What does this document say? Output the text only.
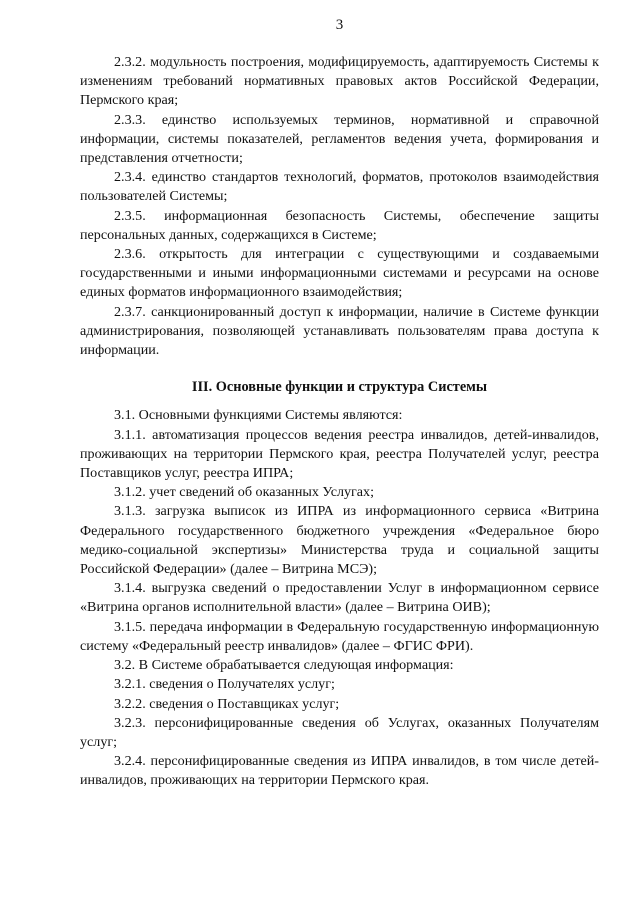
3

2.3.2. модульность построения, модифицируемость, адаптируемость Системы к изменениям требований нормативных правовых актов Российской Федерации, Пермского края;

2.3.3. единство используемых терминов, нормативной и справочной информации, системы показателей, регламентов ведения учета, формирования и представления отчетности;

2.3.4. единство стандартов технологий, форматов, протоколов взаимодействия пользователей Системы;

2.3.5. информационная безопасность Системы, обеспечение защиты персональных данных, содержащихся в Системе;

2.3.6. открытость для интеграции с существующими и создаваемыми государственными и иными информационными системами и ресурсами на основе единых форматов информационного взаимодействия;

2.3.7. санкционированный доступ к информации, наличие в Системе функции администрирования, позволяющей устанавливать пользователям права доступа к информации.

III. Основные функции и структура Системы

3.1. Основными функциями Системы являются:

3.1.1. автоматизация процессов ведения реестра инвалидов, детей-инвалидов, проживающих на территории Пермского края, реестра Получателей услуг, реестра Поставщиков услуг, реестра ИПРА;

3.1.2. учет сведений об оказанных Услугах;

3.1.3. загрузка выписок из ИПРА из информационного сервиса «Витрина Федерального государственного бюджетного учреждения «Федеральное бюро медико-социальной экспертизы» Министерства труда и социальной защиты Российской Федерации» (далее – Витрина МСЭ);

3.1.4. выгрузка сведений о предоставлении Услуг в информационном сервисе «Витрина органов исполнительной власти» (далее – Витрина ОИВ);

3.1.5. передача информации в Федеральную государственную информационную систему «Федеральный реестр инвалидов» (далее – ФГИС ФРИ).

3.2. В Системе обрабатывается следующая информация:

3.2.1. сведения о Получателях услуг;

3.2.2. сведения о Поставщиках услуг;

3.2.3. персонифицированные сведения об Услугах, оказанных Получателям услуг;

3.2.4. персонифицированные сведения из ИПРА инвалидов, в том числе детей-инвалидов, проживающих на территории Пермского края.
